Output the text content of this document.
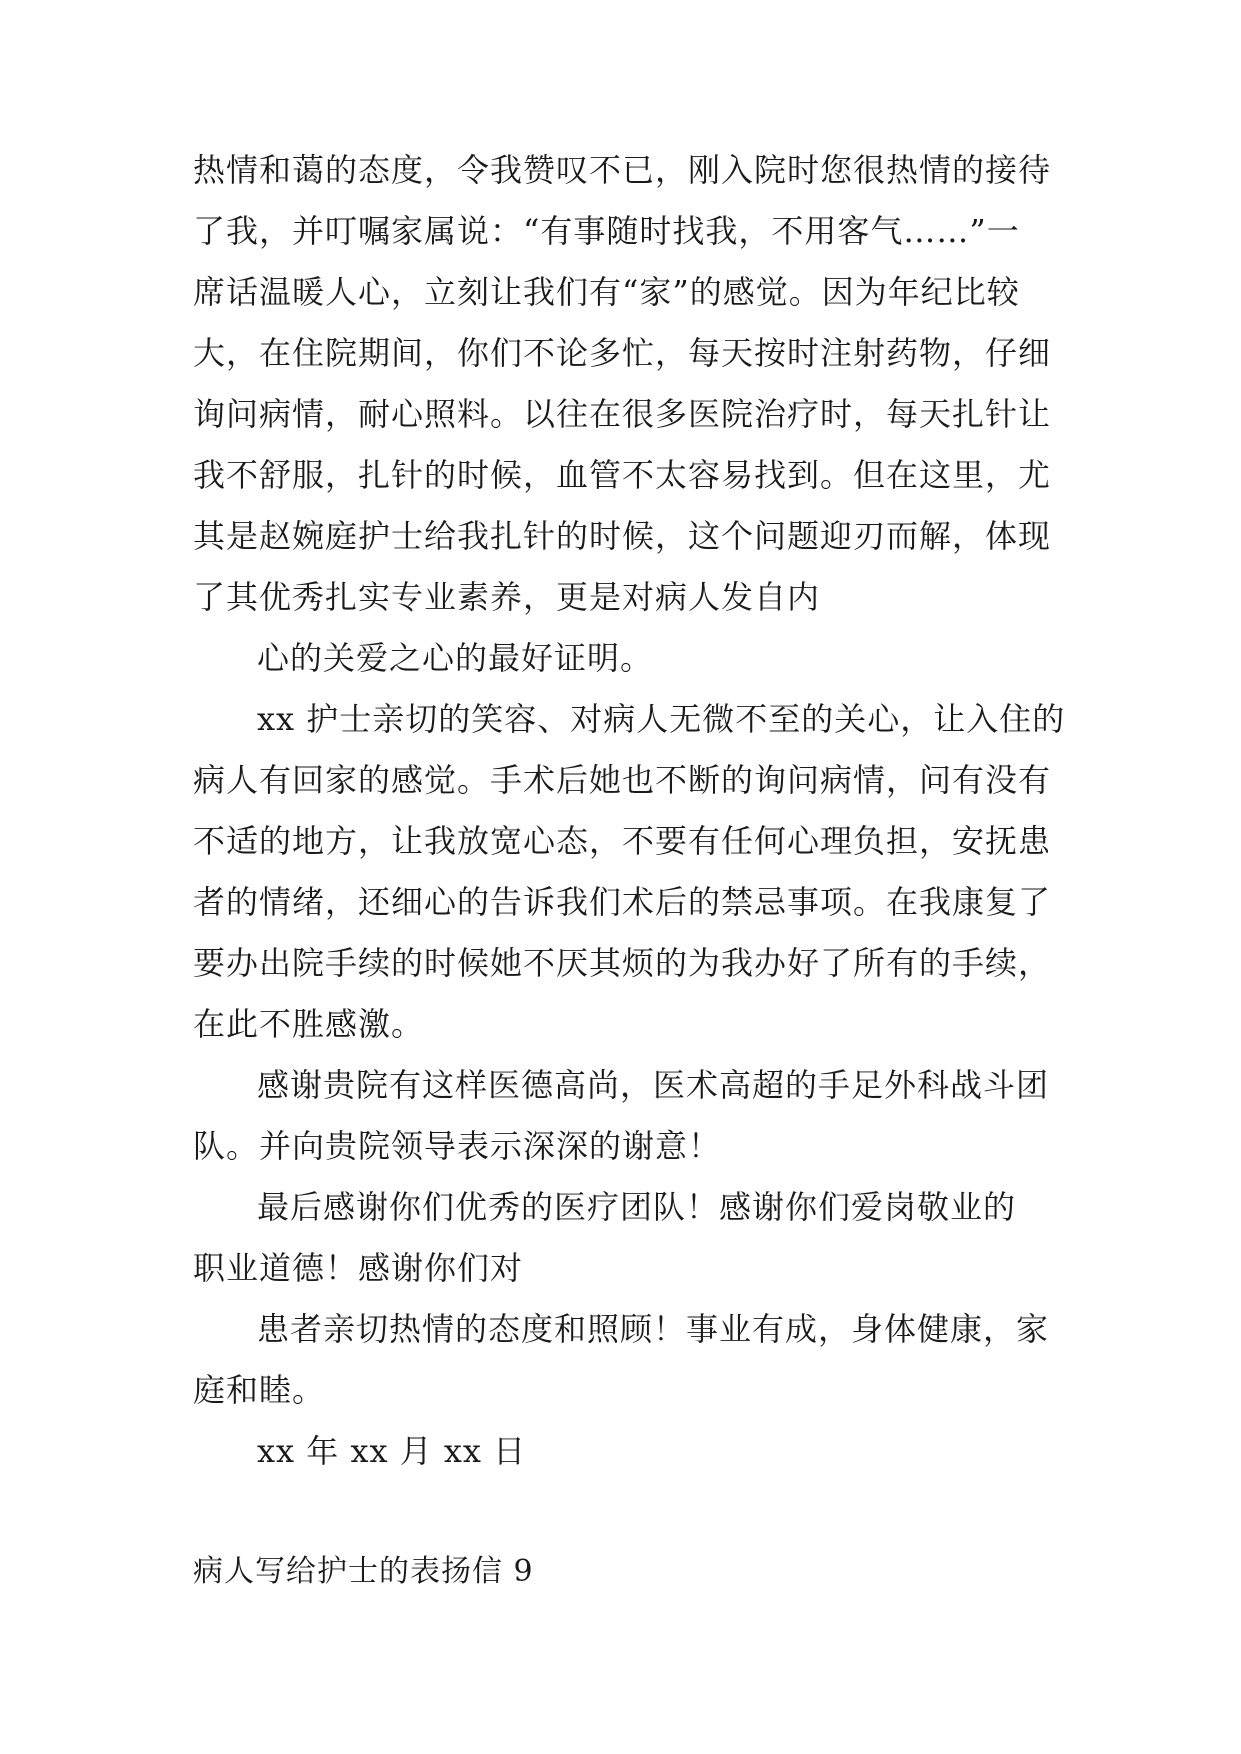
热情和蔼的态度，令我赞叹不已，刚入院时您很热情的接待
了我，并叮嘱家属说：“有事随时找我，不用客气……”一
席话温暖人心，立刻让我们有“家”的感觉。因为年纪比较
大，在住院期间，你们不论多忙，每天按时注射药物，仔细
询问病情，耐心照料。以往在很多医院治疗时，每天扎针让
我不舒服，扎针的时候，血管不太容易找到。但在这里，尤
其是赵婉庭护士给我扎针的时候，这个问题迎刃而解，体现
了其优秀扎实专业素养，更是对病人发自内
心的关爱之心的最好证明。
xx 护士亲切的笑容、对病人无微不至的关心，让入住的
病人有回家的感觉。手术后她也不断的询问病情，问有没有
不适的地方，让我放宽心态，不要有任何心理负担，安抚患
者的情绪，还细心的告诉我们术后的禁忌事项。在我康复了
要办出院手续的时候她不厌其烦的为我办好了所有的手续，
在此不胜感激。
感谢贵院有这样医德高尚，医术高超的手足外科战斗团
队。并向贵院领导表示深深的谢意！
最后感谢你们优秀的医疗团队！感谢你们爱岗敬业的
职业道德！感谢你们对
患者亲切热情的态度和照顾！事业有成，身体健康，家
庭和睦。
xx 年 xx 月 xx 日
病人写给护士的表扬信 9
